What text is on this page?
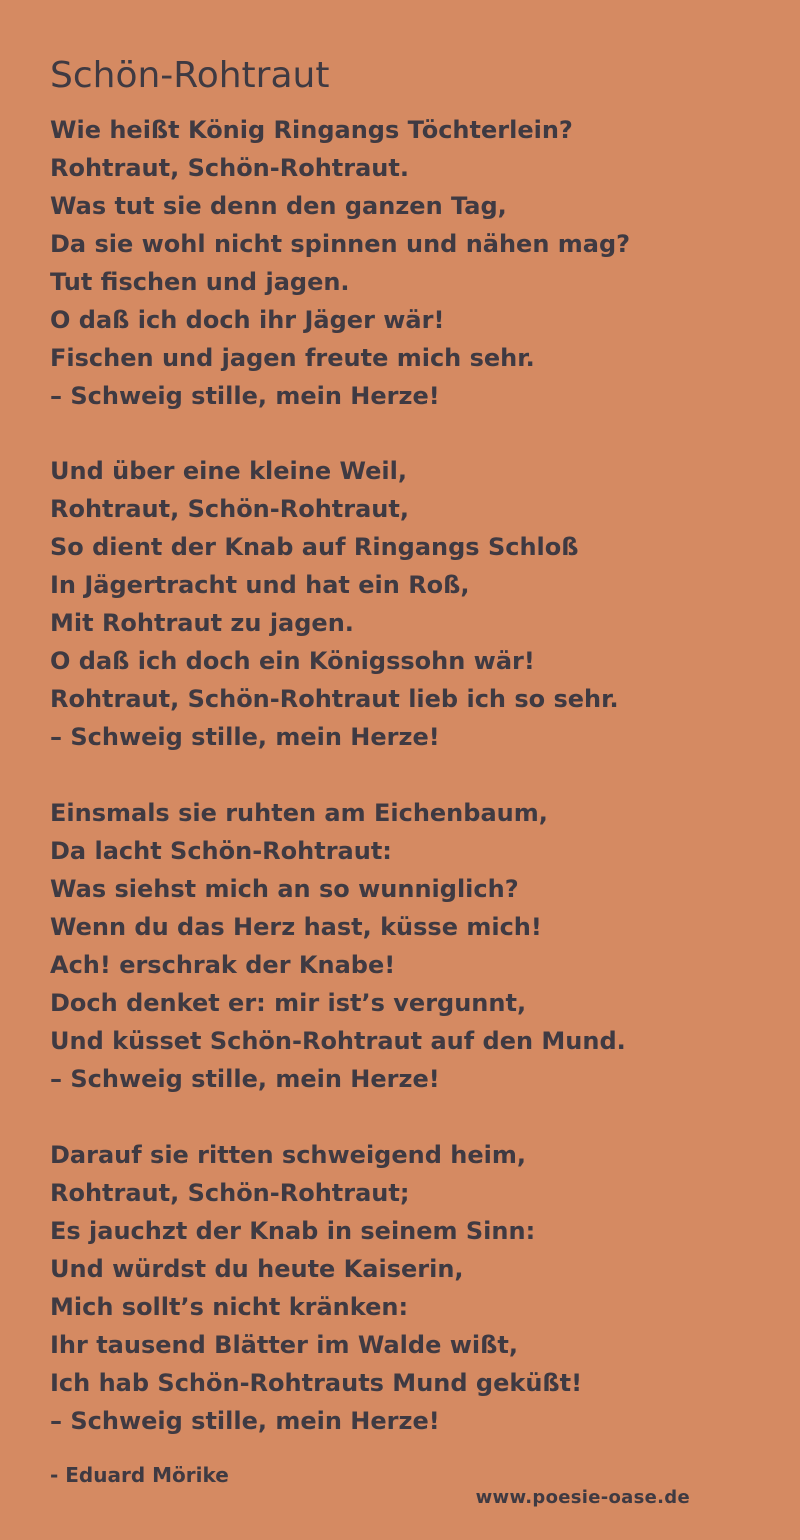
Schön-Rohtraut
Wie heißt König Ringangs Töchterlein?
Rohtraut, Schön-Rohtraut.
Was tut sie denn den ganzen Tag,
Da sie wohl nicht spinnen und nähen mag?
Tut fischen und jagen.
O daß ich doch ihr Jäger wär!
Fischen und jagen freute mich sehr.
– Schweig stille, mein Herze!
Und über eine kleine Weil,
Rohtraut, Schön-Rohtraut,
So dient der Knab auf Ringangs Schloß
In Jägertracht und hat ein Roß,
Mit Rohtraut zu jagen.
O daß ich doch ein Königssohn wär!
Rohtraut, Schön-Rohtraut lieb ich so sehr.
– Schweig stille, mein Herze!
Einsmals sie ruhten am Eichenbaum,
Da lacht Schön-Rohtraut:
Was siehst mich an so wunniglich?
Wenn du das Herz hast, küsse mich!
Ach! erschrak der Knabe!
Doch denket er: mir ist’s vergunnt,
Und küsset Schön-Rohtraut auf den Mund.
– Schweig stille, mein Herze!
Darauf sie ritten schweigend heim,
Rohtraut, Schön-Rohtraut;
Es jauchzt der Knab in seinem Sinn:
Und würdst du heute Kaiserin,
Mich sollt’s nicht kränken:
Ihr tausend Blätter im Walde wißt,
Ich hab Schön-Rohtrauts Mund geküßt!
– Schweig stille, mein Herze!
- Eduard Mörike
www.poesie-oase.de
